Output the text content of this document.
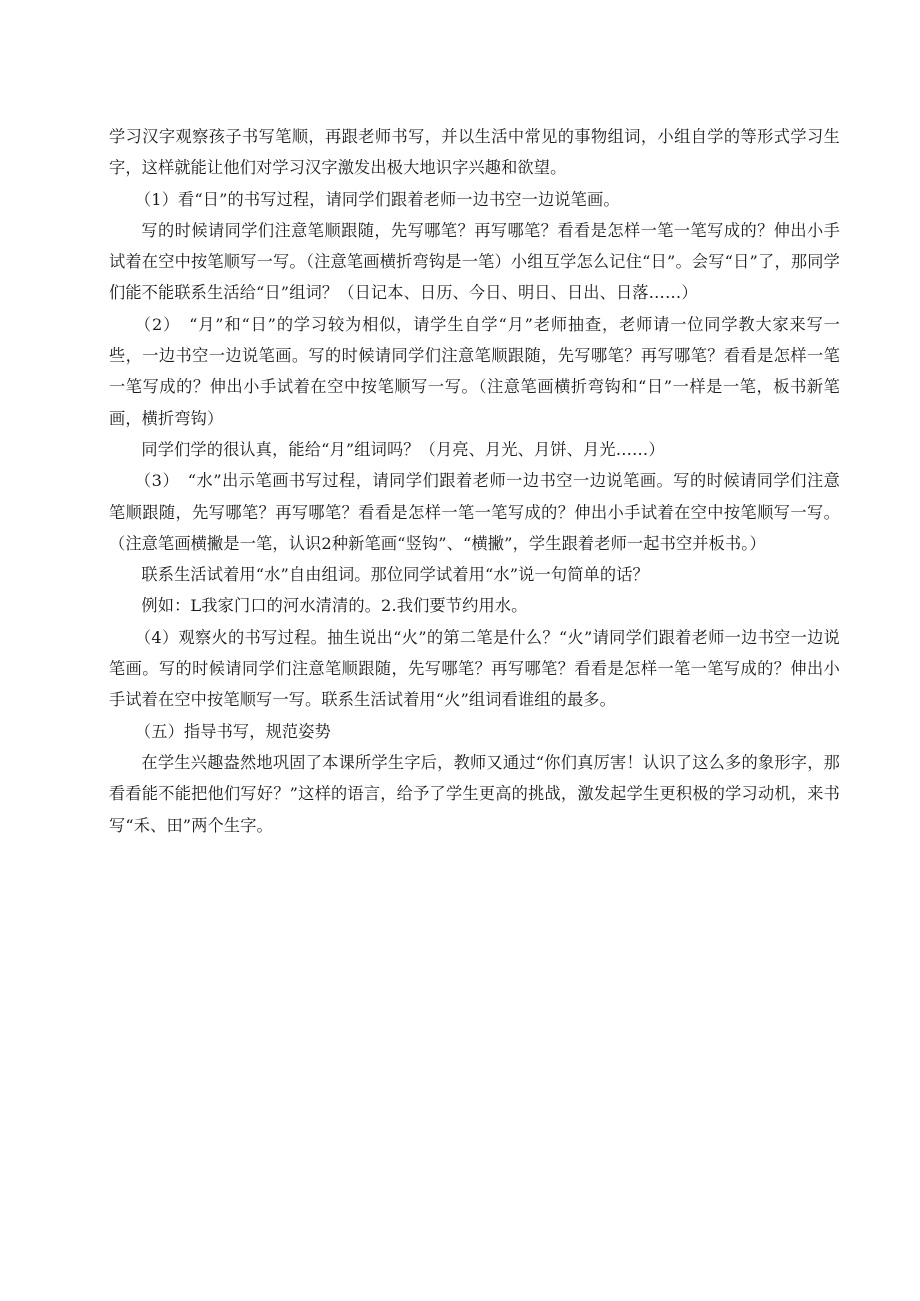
学习汉字观察孩子书写笔顺，再跟老师书写，并以生活中常见的事物组词，小组自学的等形式学习生字，这样就能让他们对学习汉字激发出极大地识字兴趣和欲望。

（1）看“日”的书写过程，请同学们跟着老师一边书空一边说笔画。

写的时候请同学们注意笔顺跟随，先写哪笔？再写哪笔？看看是怎样一笔一笔写成的？伸出小手试着在空中按笔顺写一写。（注意笔画横折弯钩是一笔）小组互学怎么记住“日”。会写“日”了，那同学们能不能联系生活给“日”组词？（日记本、日历、今日、明日、日出、日落……）

（2）　“月”和“日”的学习较为相似，请学生自学“月”老师抽查，老师请一位同学教大家来写一些，一边书空一边说笔画。写的时候请同学们注意笔顺跟随，先写哪笔？再写哪笔？看看是怎样一笔一笔写成的？伸出小手试着在空中按笔顺写一写。（注意笔画横折弯钩和“日”一样是一笔，板书新笔画，横折弯钩）

同学们学的很认真，能给“月”组词吗？（月亮、月光、月饼、月光……）

（3）　“水”出示笔画书写过程，请同学们跟着老师一边书空一边说笔画。写的时候请同学们注意笔顺跟随，先写哪笔？再写哪笔？看看是怎样一笔一笔写成的？伸出小手试着在空中按笔顺写一写。（注意笔画横撇是一笔，认识2种新笔画“竖钩”、“横撇”，学生跟着老师一起书空并板书。）

联系生活试着用“水”自由组词。那位同学试着用“水”说一句简单的话？

例如：L我家门口的河水清清的。2.我们要节约用水。

（4）观察火的书写过程。抽生说出“火”的第二笔是什么？“火”请同学们跟着老师一边书空一边说笔画。写的时候请同学们注意笔顺跟随，先写哪笔？再写哪笔？看看是怎样一笔一笔写成的？伸出小手试着在空中按笔顺写一写。联系生活试着用“火”组词看谁组的最多。

（五）指导书写，规范姿势

在学生兴趣盎然地巩固了本课所学生字后，教师又通过“你们真厉害！认识了这么多的象形字，那看看能不能把他们写好？”这样的语言，给予了学生更高的挑战，激发起学生更积极的学习动机，来书写“禾、田”两个生字。
